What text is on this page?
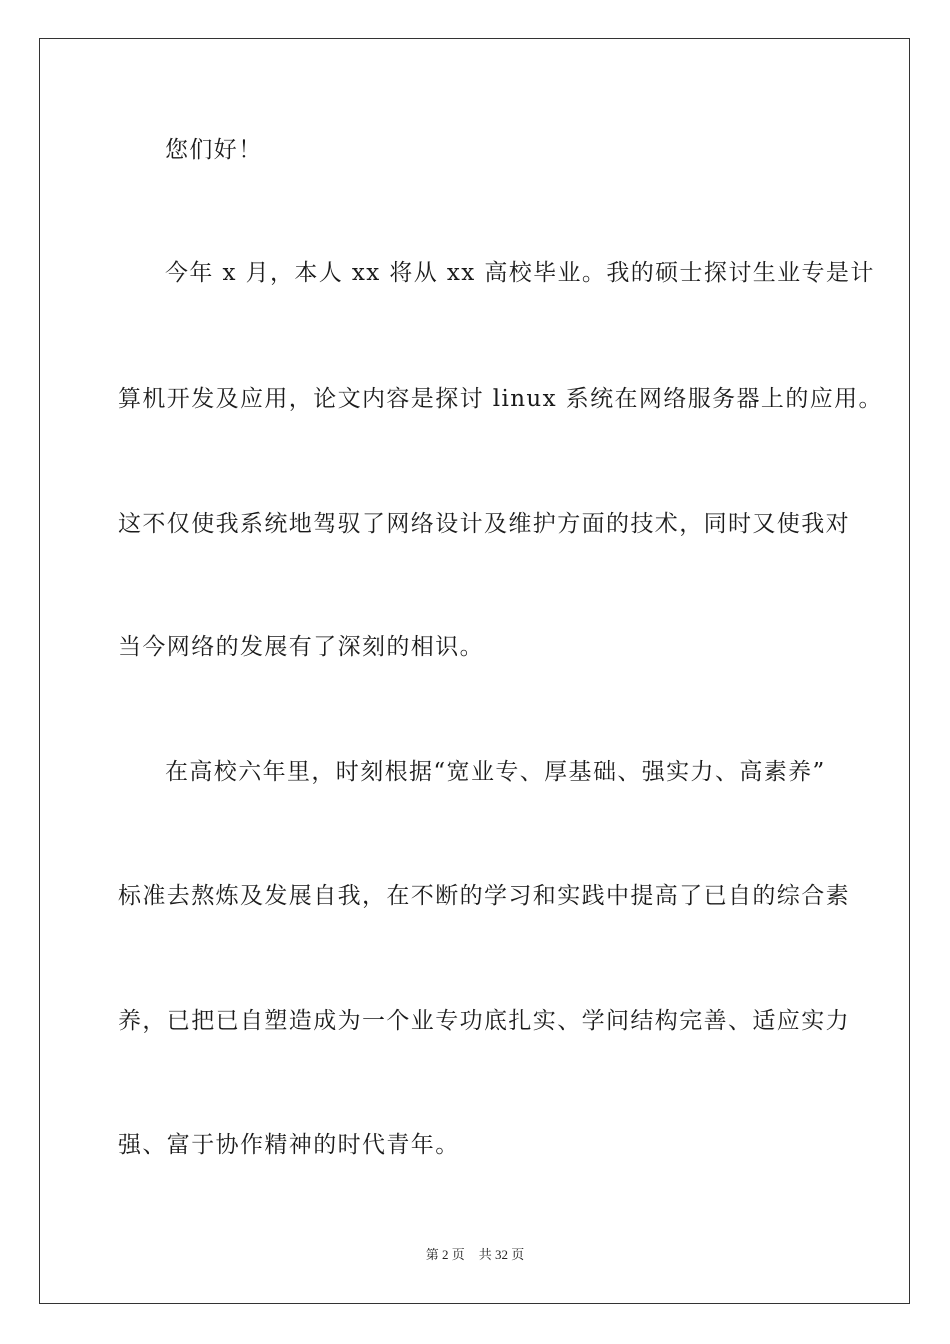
您们好！
今年 x 月，本人 xx 将从 xx 高校毕业。我的硕士探讨生业专是计
算机开发及应用，论文内容是探讨 linux 系统在网络服务器上的应用。
这不仅使我系统地驾驭了网络设计及维护方面的技术，同时又使我对
当今网络的发展有了深刻的相识。
在高校六年里，时刻根据“宽业专、厚基础、强实力、高素养”
标准去熬炼及发展自我，在不断的学习和实践中提高了已自的综合素
养，已把已自塑造成为一个业专功底扎实、学问结构完善、适应实力
强、富于协作精神的时代青年。
第 2 页 共 32 页
